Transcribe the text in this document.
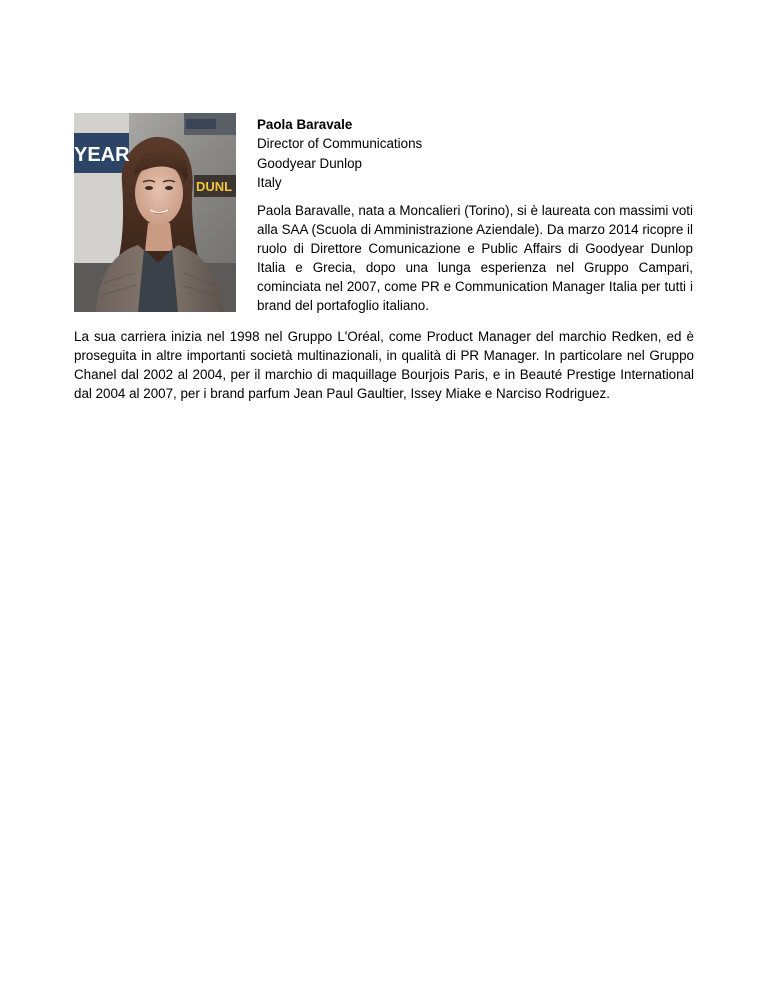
YEAR
DUNL
Paola Baravale
Director of Communications
Goodyear Dunlop
Italy

Paola Baravalle, nata a Moncalieri (Torino), si è laureata con massimi voti alla SAA (Scuola di Amministrazione Aziendale). Da marzo 2014 ricopre il ruolo di Direttore Comunicazione e Public Affairs di Goodyear Dunlop Italia e Grecia, dopo una lunga esperienza nel Gruppo Campari, cominciata nel 2007, come PR e Communication Manager Italia per tutti i brand del portafoglio italiano.

La sua carriera inizia nel 1998 nel Gruppo L'Oréal, come Product Manager del marchio Redken, ed è proseguita in altre importanti società multinazionali, in qualità di PR Manager. In particolare nel Gruppo Chanel dal 2002 al 2004, per il marchio di maquillage Bourjois Paris, e in Beauté Prestige International dal 2004 al 2007, per i brand parfum Jean Paul Gaultier, Issey Miake e Narciso Rodriguez.
